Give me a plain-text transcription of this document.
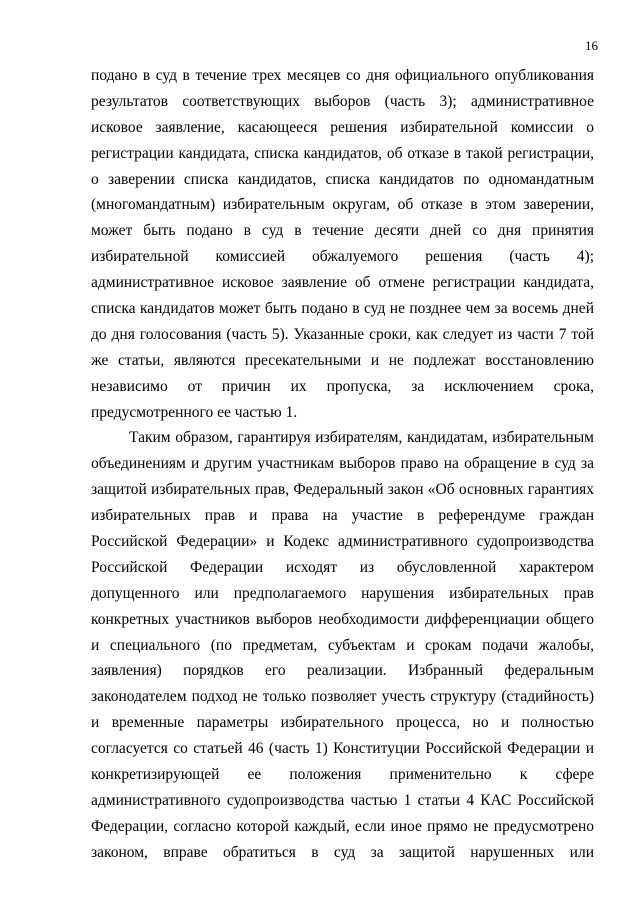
16
подано в суд в течение трех месяцев со дня официального опубликования
результатов соответствующих выборов (часть 3); административное
исковое заявление, касающееся решения избирательной комиссии о
регистрации кандидата, списка кандидатов, об отказе в такой регистрации,
о заверении списка кандидатов, списка кандидатов по одномандатным
(многомандатным) избирательным округам, об отказе в этом заверении,
может быть подано в суд в течение десяти дней со дня принятия
избирательной комиссией обжалуемого решения (часть 4);
административное исковое заявление об отмене регистрации кандидата,
списка кандидатов может быть подано в суд не позднее чем за восемь дней
до дня голосования (часть 5). Указанные сроки, как следует из части 7 той
же статьи, являются пресекательными и не подлежат восстановлению
независимо от причин их пропуска, за исключением срока,
предусмотренного ее частью 1.
Таким образом, гарантируя избирателям, кандидатам, избирательным
объединениям и другим участникам выборов право на обращение в суд за
защитой избирательных прав, Федеральный закон «Об основных гарантиях
избирательных прав и права на участие в референдуме граждан
Российской Федерации» и Кодекс административного судопроизводства
Российской Федерации исходят из обусловленной характером
допущенного или предполагаемого нарушения избирательных прав
конкретных участников выборов необходимости дифференциации общего
и специального (по предметам, субъектам и срокам подачи жалобы,
заявления) порядков его реализации. Избранный федеральным
законодателем подход не только позволяет учесть структуру (стадийность)
и временные параметры избирательного процесса, но и полностью
согласуется со статьей 46 (часть 1) Конституции Российской Федерации и
конкретизирующей ее положения применительно к сфере
административного судопроизводства частью 1 статьи 4 КАС Российской
Федерации, согласно которой каждый, если иное прямо не предусмотрено
законом, вправе обратиться в суд за защитой нарушенных или
